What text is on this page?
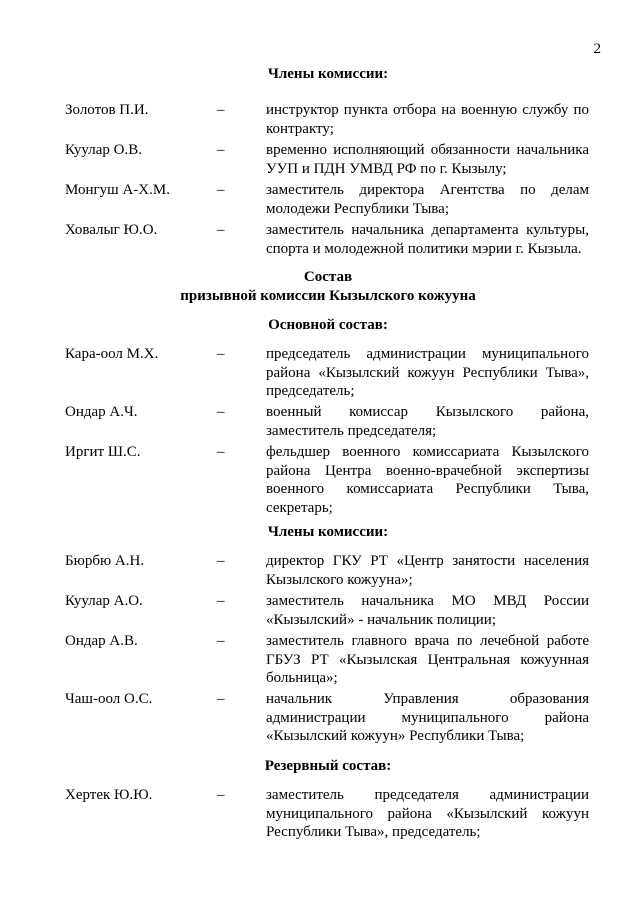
2
Члены комиссии:
Золотов П.И.	–	инструктор пункта отбора на военную службу по контракту;
Куулар О.В.	–	временно исполняющий обязанности начальника УУП и ПДН УМВД РФ по г. Кызылу;
Монгуш А-Х.М.	–	заместитель директора Агентства по делам молодежи Республики Тыва;
Ховалыг Ю.О.	–	заместитель начальника департамента культуры, спорта и молодежной политики мэрии г. Кызыла.
Состав
призывной комиссии Кызылского кожууна
Основной состав:
Кара-оол М.Х.	–	председатель администрации муниципального района «Кызылский кожуун Республики Тыва», председатель;
Ондар А.Ч.	–	военный комиссар Кызылского района, заместитель председателя;
Иргит Ш.С.	–	фельдшер военного комиссариата Кызылского района Центра военно-врачебной экспертизы военного комиссариата Республики Тыва, секретарь;
Члены комиссии:
Бюрбю А.Н.	–	директор ГКУ РТ «Центр занятости населения Кызылского кожууна»;
Куулар А.О.	–	заместитель начальника МО МВД России «Кызылский» - начальник полиции;
Ондар А.В.	–	заместитель главного врача по лечебной работе ГБУЗ РТ «Кызылская Центральная кожуунная больница»;
Чаш-оол О.С.	–	начальник Управления образования администрации муниципального района «Кызылский кожуун» Республики Тыва;
Резервный состав:
Хертек Ю.Ю.	–	заместитель председателя администрации муниципального района «Кызылский кожуун Республики Тыва», председатель;
